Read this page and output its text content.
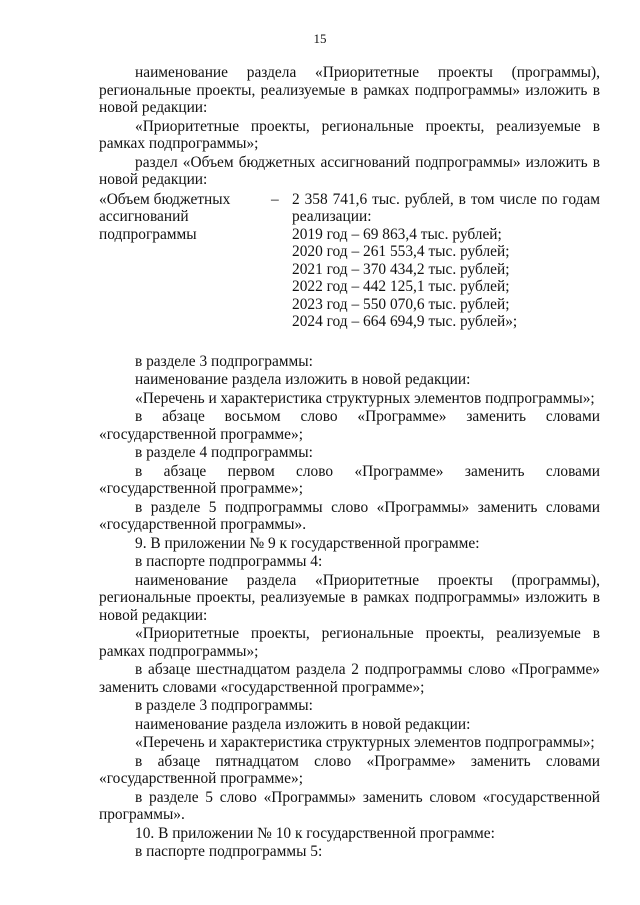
15

наименование раздела «Приоритетные проекты (программы), региональные проекты, реализуемые в рамках подпрограммы» изложить в новой редакции:

«Приоритетные проекты, региональные проекты, реализуемые в рамках подпрограммы»;

раздел «Объем бюджетных ассигнований подпрограммы» изложить в новой редакции:

«Объем бюджетных
ассигнований
подпрограммы
– 2 358 741,6 тыс. рублей, в том числе по годам реализации:
2019 год – 69 863,4 тыс. рублей;
2020 год – 261 553,4 тыс. рублей;
2021 год – 370 434,2 тыс. рублей;
2022 год – 442 125,1 тыс. рублей;
2023 год – 550 070,6 тыс. рублей;
2024 год – 664 694,9 тыс. рублей»;

в разделе 3 подпрограммы:

наименование раздела изложить в новой редакции:

«Перечень и характеристика структурных элементов подпрограммы»;

в абзаце восьмом слово «Программе» заменить словами «государственной программе»;

в разделе 4 подпрограммы:

в абзаце первом слово «Программе» заменить словами «государственной программе»;

в разделе 5 подпрограммы слово «Программы» заменить словами «государственной программы».

9. В приложении № 9 к государственной программе:

в паспорте подпрограммы 4:

наименование раздела «Приоритетные проекты (программы), региональные проекты, реализуемые в рамках подпрограммы» изложить в новой редакции:

«Приоритетные проекты, региональные проекты, реализуемые в рамках подпрограммы»;

в абзаце шестнадцатом раздела 2 подпрограммы слово «Программе» заменить словами «государственной программе»;

в разделе 3 подпрограммы:

наименование раздела изложить в новой редакции:

«Перечень и характеристика структурных элементов подпрограммы»;

в абзаце пятнадцатом слово «Программе» заменить словами «государственной программе»;

в разделе 5 слово «Программы» заменить словом «государственной программы».

10. В приложении № 10 к государственной программе:

в паспорте подпрограммы 5:
